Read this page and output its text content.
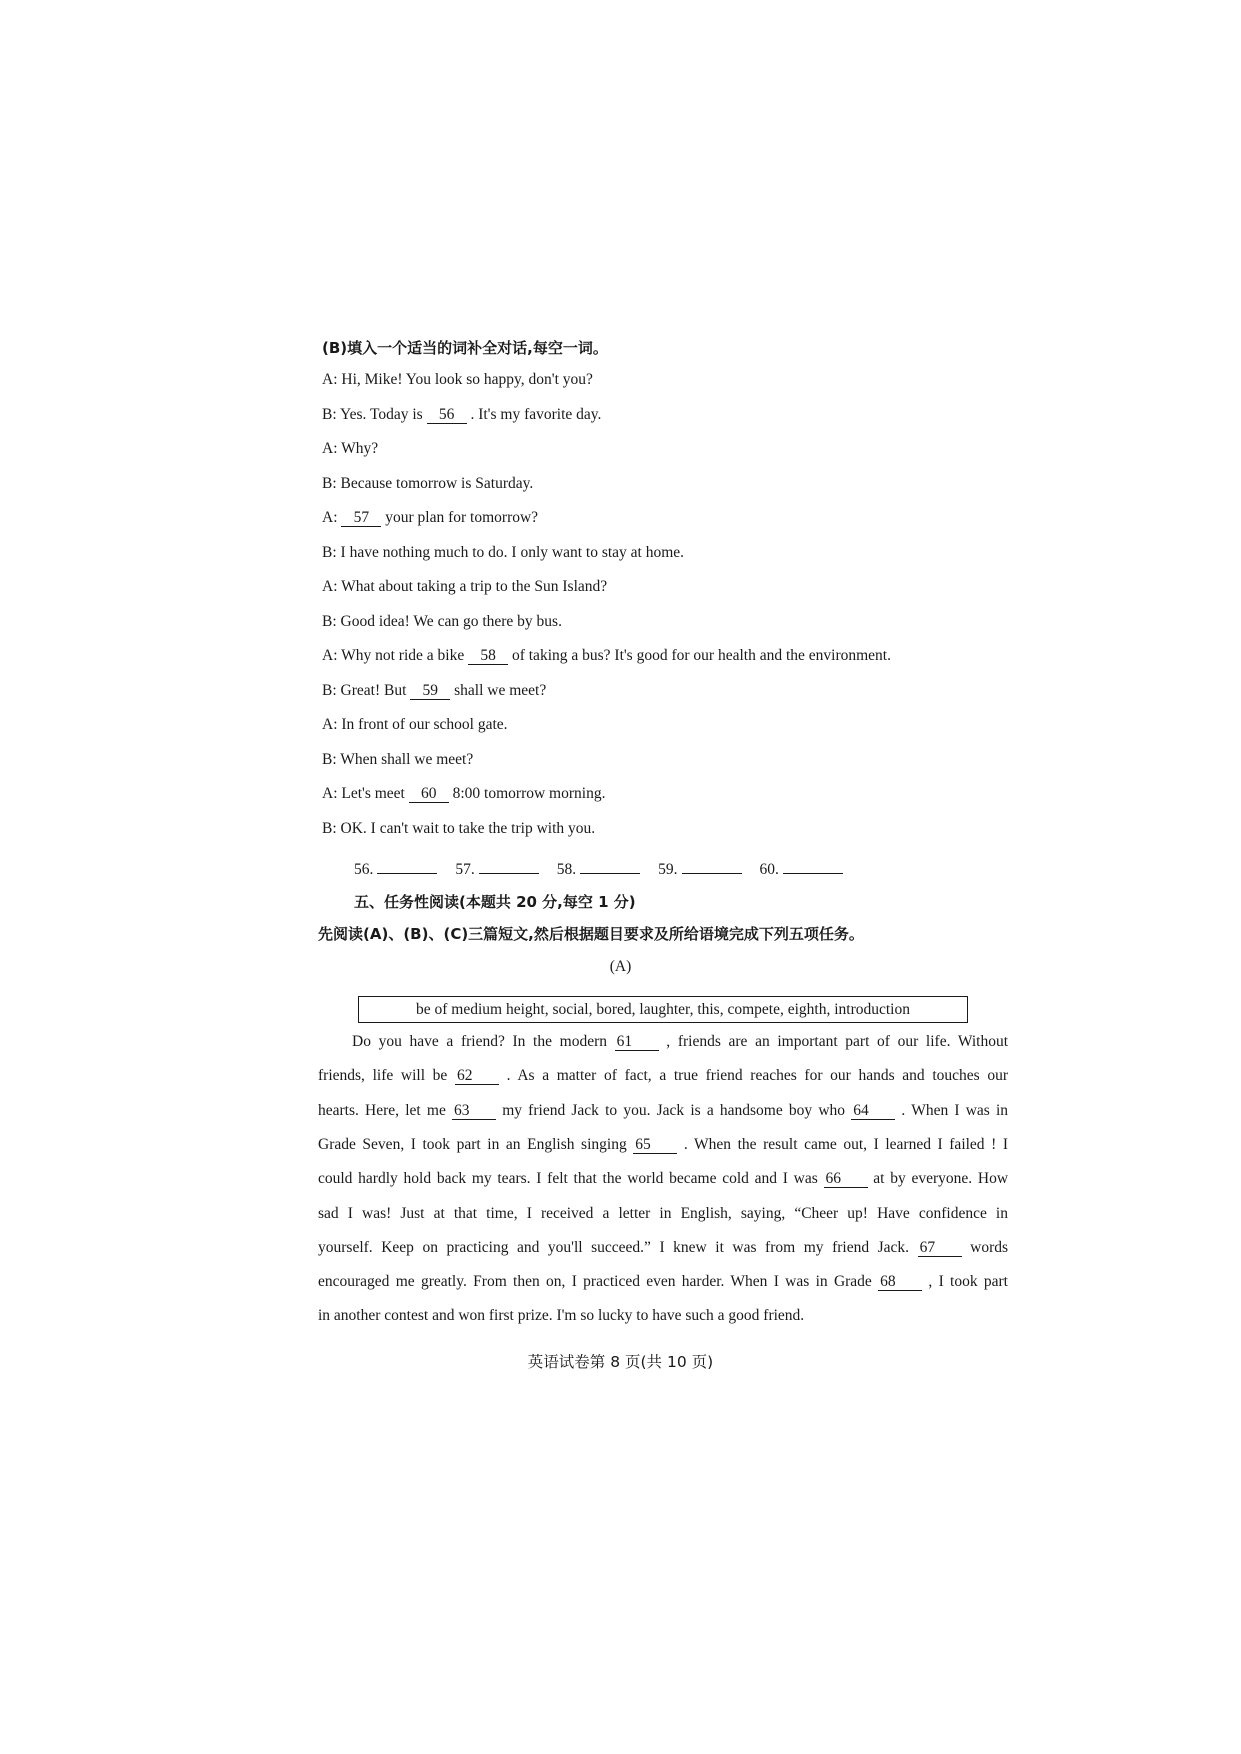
(B)填入一个适当的词补全对话,每空一词。
A: Hi, Mike! You look so happy, don't you?
B: Yes. Today is 56 . It's my favorite day.
A: Why?
B: Because tomorrow is Saturday.
A: 57 your plan for tomorrow?
B: I have nothing much to do. I only want to stay at home.
A: What about taking a trip to the Sun Island?
B: Good idea! We can go there by bus.
A: Why not ride a bike 58 of taking a bus? It's good for our health and the environment.
B: Great! But 59 shall we meet?
A: In front of our school gate.
B: When shall we meet?
A: Let's meet 60 8:00 tomorrow morning.
B: OK. I can't wait to take the trip with you.
56.	57.	58.	59.	60.
五、任务性阅读(本题共 20 分,每空 1 分)
先阅读(A)、(B)、(C)三篇短文,然后根据题目要求及所给语境完成下列五项任务。
(A)
be of medium height, social, bored, laughter, this, compete, eighth, introduction
Do you have a friend? In the modern 61 , friends are an important part of our life. Without
friends, life will be 62 . As a matter of fact, a true friend reaches for our hands and touches our
hearts. Here, let me 63 my friend Jack to you. Jack is a handsome boy who 64 . When I was in
Grade Seven, I took part in an English singing 65 . When the result came out, I learned I failed ! I
could hardly hold back my tears. I felt that the world became cold and I was 66 at by everyone. How
sad I was! Just at that time, I received a letter in English, saying, “Cheer up! Have confidence in
yourself. Keep on practicing and you'll succeed.” I knew it was from my friend Jack. 67 words
encouraged me greatly. From then on, I practiced even harder. When I was in Grade 68 , I took part
in another contest and won first prize. I'm so lucky to have such a good friend.
英语试卷第 8 页(共 10 页)
